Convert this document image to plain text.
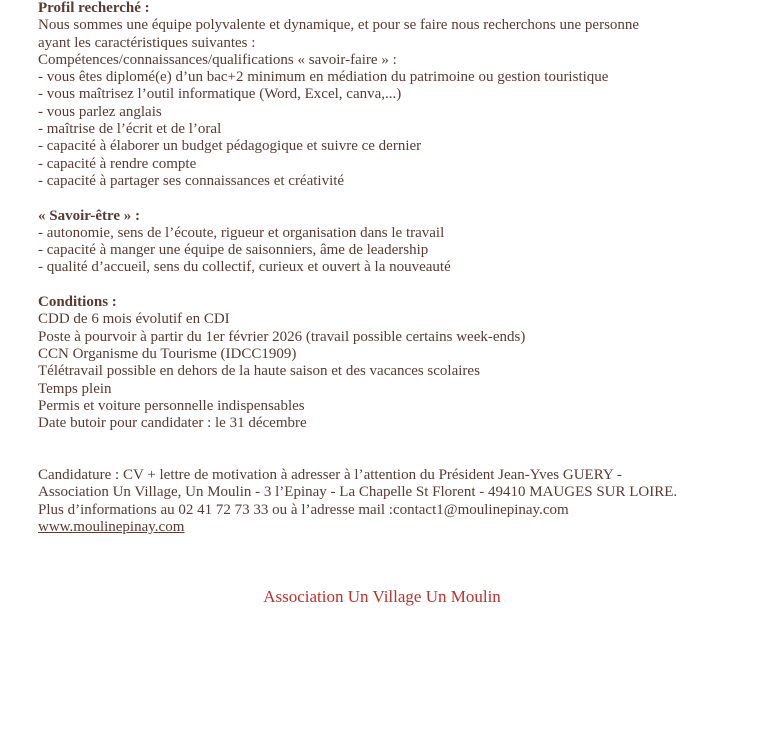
Profil recherché :
Nous sommes une équipe polyvalente et dynamique, et pour se faire nous recherchons une personne
ayant les caractéristiques suivantes :
Compétences/connaissances/qualifications « savoir-faire » :
- vous êtes diplomé(e) d’un bac+2 minimum en médiation du patrimoine ou gestion touristique
- vous maîtrisez l’outil informatique (Word, Excel, canva,...)
- vous parlez anglais
- maîtrise de l’écrit et de l’oral
- capacité à élaborer un budget pédagogique et suivre ce dernier
- capacité à rendre compte
- capacité à partager ses connaissances et créativité
« Savoir-être » :
- autonomie, sens de l’écoute, rigueur et organisation dans le travail
- capacité à manger une équipe de saisonniers, âme de leadership
- qualité d’accueil, sens du collectif, curieux et ouvert à la nouveauté
Conditions :
CDD de 6 mois évolutif en CDI
Poste à pourvoir à partir du 1er février 2026 (travail possible certains week-ends)
CCN Organisme du Tourisme (IDCC1909)
Télétravail possible en dehors de la haute saison et des vacances scolaires
Temps plein
Permis et voiture personnelle indispensables
Date butoir pour candidater : le 31 décembre
Candidature : CV + lettre de motivation à adresser à l’attention du Président Jean-Yves GUERY -
Association Un Village, Un Moulin - 3 l’Epinay - La Chapelle St Florent - 49410 MAUGES SUR LOIRE.
Plus d’informations au 02 41 72 73 33 ou à l’adresse mail :contact1@moulinepinay.com
www.moulinepinay.com
Association Un Village Un Moulin
